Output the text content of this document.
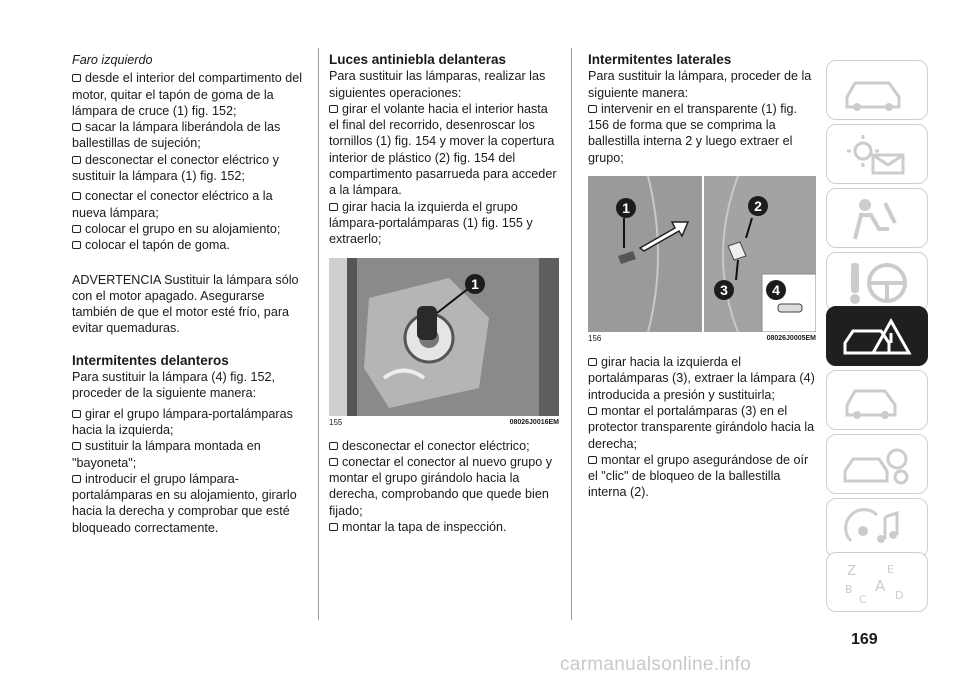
Faro izquierdo

desde el interior del compartimento del motor, quitar el tapón de goma de la lámpara de cruce (1) fig. 152;

sacar la lámpara liberándola de las ballestillas de sujeción;

desconectar el conector eléctrico y sustituir la lámpara (1) fig. 152;

conectar el conector eléctrico a la nueva lámpara;

colocar el grupo en su alojamiento;

colocar el tapón de goma.

ADVERTENCIA Sustituir la lámpara sólo con el motor apagado. Asegurarse también de que el motor esté frío, para evitar quemaduras.

Intermitentes delanteros

Para sustituir la lámpara (4) fig. 152, proceder de la siguiente manera:

girar el grupo lámpara-portalámparas hacia la izquierda;

sustituir la lámpara montada en "bayoneta";

introducir el grupo lámpara-portalámparas en su alojamiento, girarlo hacia la derecha y comprobar que esté bloqueado correctamente.

Luces antiniebla delanteras

Para sustituir las lámparas, realizar las siguientes operaciones:

girar el volante hacia el interior hasta el final del recorrido, desenroscar los tornillos (1) fig. 154 y mover la copertura interior de plástico (2) fig. 154 del compartimento pasarrueda para acceder a la lámpara.

girar hacia la izquierda el grupo lámpara-portalámparas (1) fig. 155 y extraerlo;

1
155	08026J0016EM

desconectar el conector eléctrico;

conectar el conector al nuevo grupo y montar el grupo girándolo hacia la derecha, comprobando que quede bien fijado;

montar la tapa de inspección.

Intermitentes laterales

Para sustituir la lámpara, proceder de la siguiente manera:

intervenir en el transparente (1) fig. 156 de forma que se comprima la ballestilla interna 2 y luego extraer el grupo;

1	2
3	4
156	08026J0005EM

girar hacia la izquierda el portalámparas (3), extraer la lámpara (4) introducida a presión y sustituirla;

montar el portalámparas (3) en el protector transparente girándolo hacia la derecha;

montar el grupo asegurándose de oír el "clic" de bloqueo de la ballestilla interna (2).

Z	E
B A
C	D
169
carmanualsonline.info
